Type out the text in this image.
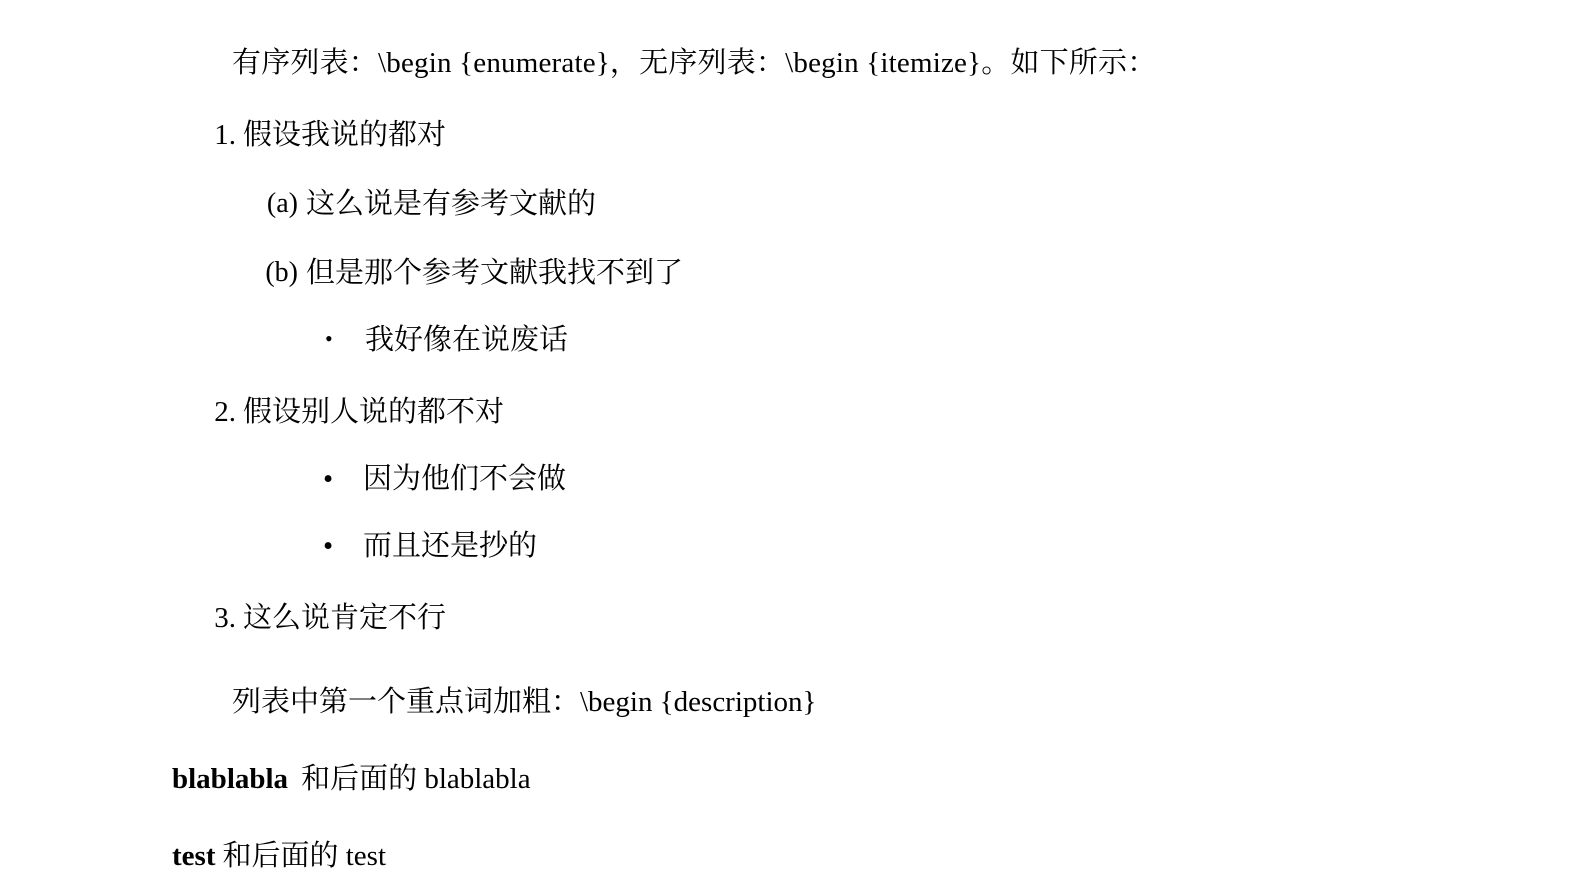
有序列表：\begin {enumerate}，无序列表：\begin {itemize}。如下所示：

1. 假设我说的都对
(a) 这么说是有参考文献的
(b) 但是那个参考文献我找不到了
• 我好像在说废话
2. 假设别人说的都不对
• 因为他们不会做
• 而且还是抄的
3. 这么说肯定不行

列表中第一个重点词加粗：\begin {description}

blablabla 和后面的 blablabla
test 和后面的 test
